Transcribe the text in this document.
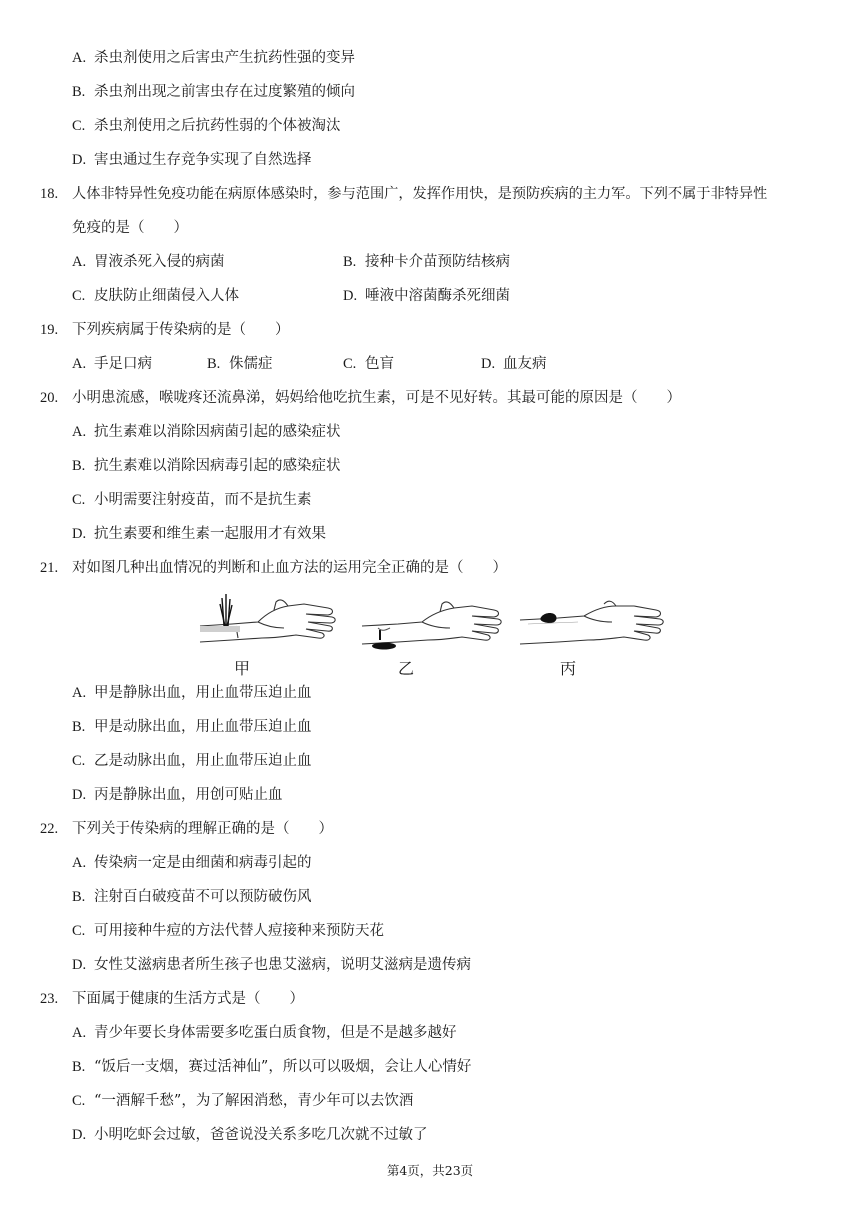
A. 杀虫剂使用之后害虫产生抗药性强的变异
B. 杀虫剂出现之前害虫存在过度繁殖的倾向
C. 杀虫剂使用之后抗药性弱的个体被淘汰
D. 害虫通过生存竞争实现了自然选择
18. 人体非特异性免疫功能在病原体感染时，参与范围广，发挥作用快，是预防疾病的主力军。下列不属于非特异性
免疫的是（　　）
A. 胃液杀死入侵的病菌	B. 接种卡介苗预防结核病
C. 皮肤防止细菌侵入人体	D. 唾液中溶菌酶杀死细菌
19. 下列疾病属于传染病的是（　　）
A. 手足口病	B. 侏儒症	C. 色盲	D. 血友病
20. 小明患流感，喉咙疼还流鼻涕，妈妈给他吃抗生素，可是不见好转。其最可能的原因是（　　）
A. 抗生素难以消除因病菌引起的感染症状
B. 抗生素难以消除因病毒引起的感染症状
C. 小明需要注射疫苗，而不是抗生素
D. 抗生素要和维生素一起服用才有效果
21. 对如图几种出血情况的判断和止血方法的运用完全正确的是（　　）
甲	乙	丙
A. 甲是静脉出血，用止血带压迫止血
B. 甲是动脉出血，用止血带压迫止血
C. 乙是动脉出血，用止血带压迫止血
D. 丙是静脉出血，用创可贴止血
22. 下列关于传染病的理解正确的是（　　）
A. 传染病一定是由细菌和病毒引起的
B. 注射百白破疫苗不可以预防破伤风
C. 可用接种牛痘的方法代替人痘接种来预防天花
D. 女性艾滋病患者所生孩子也患艾滋病，说明艾滋病是遗传病
23. 下面属于健康的生活方式是（　　）
A. 青少年要长身体需要多吃蛋白质食物，但是不是越多越好
B. “饭后一支烟，赛过活神仙”，所以可以吸烟，会让人心情好
C. “一酒解千愁”，为了解困消愁，青少年可以去饮酒
D. 小明吃虾会过敏，爸爸说没关系多吃几次就不过敏了
第4页，共23页
